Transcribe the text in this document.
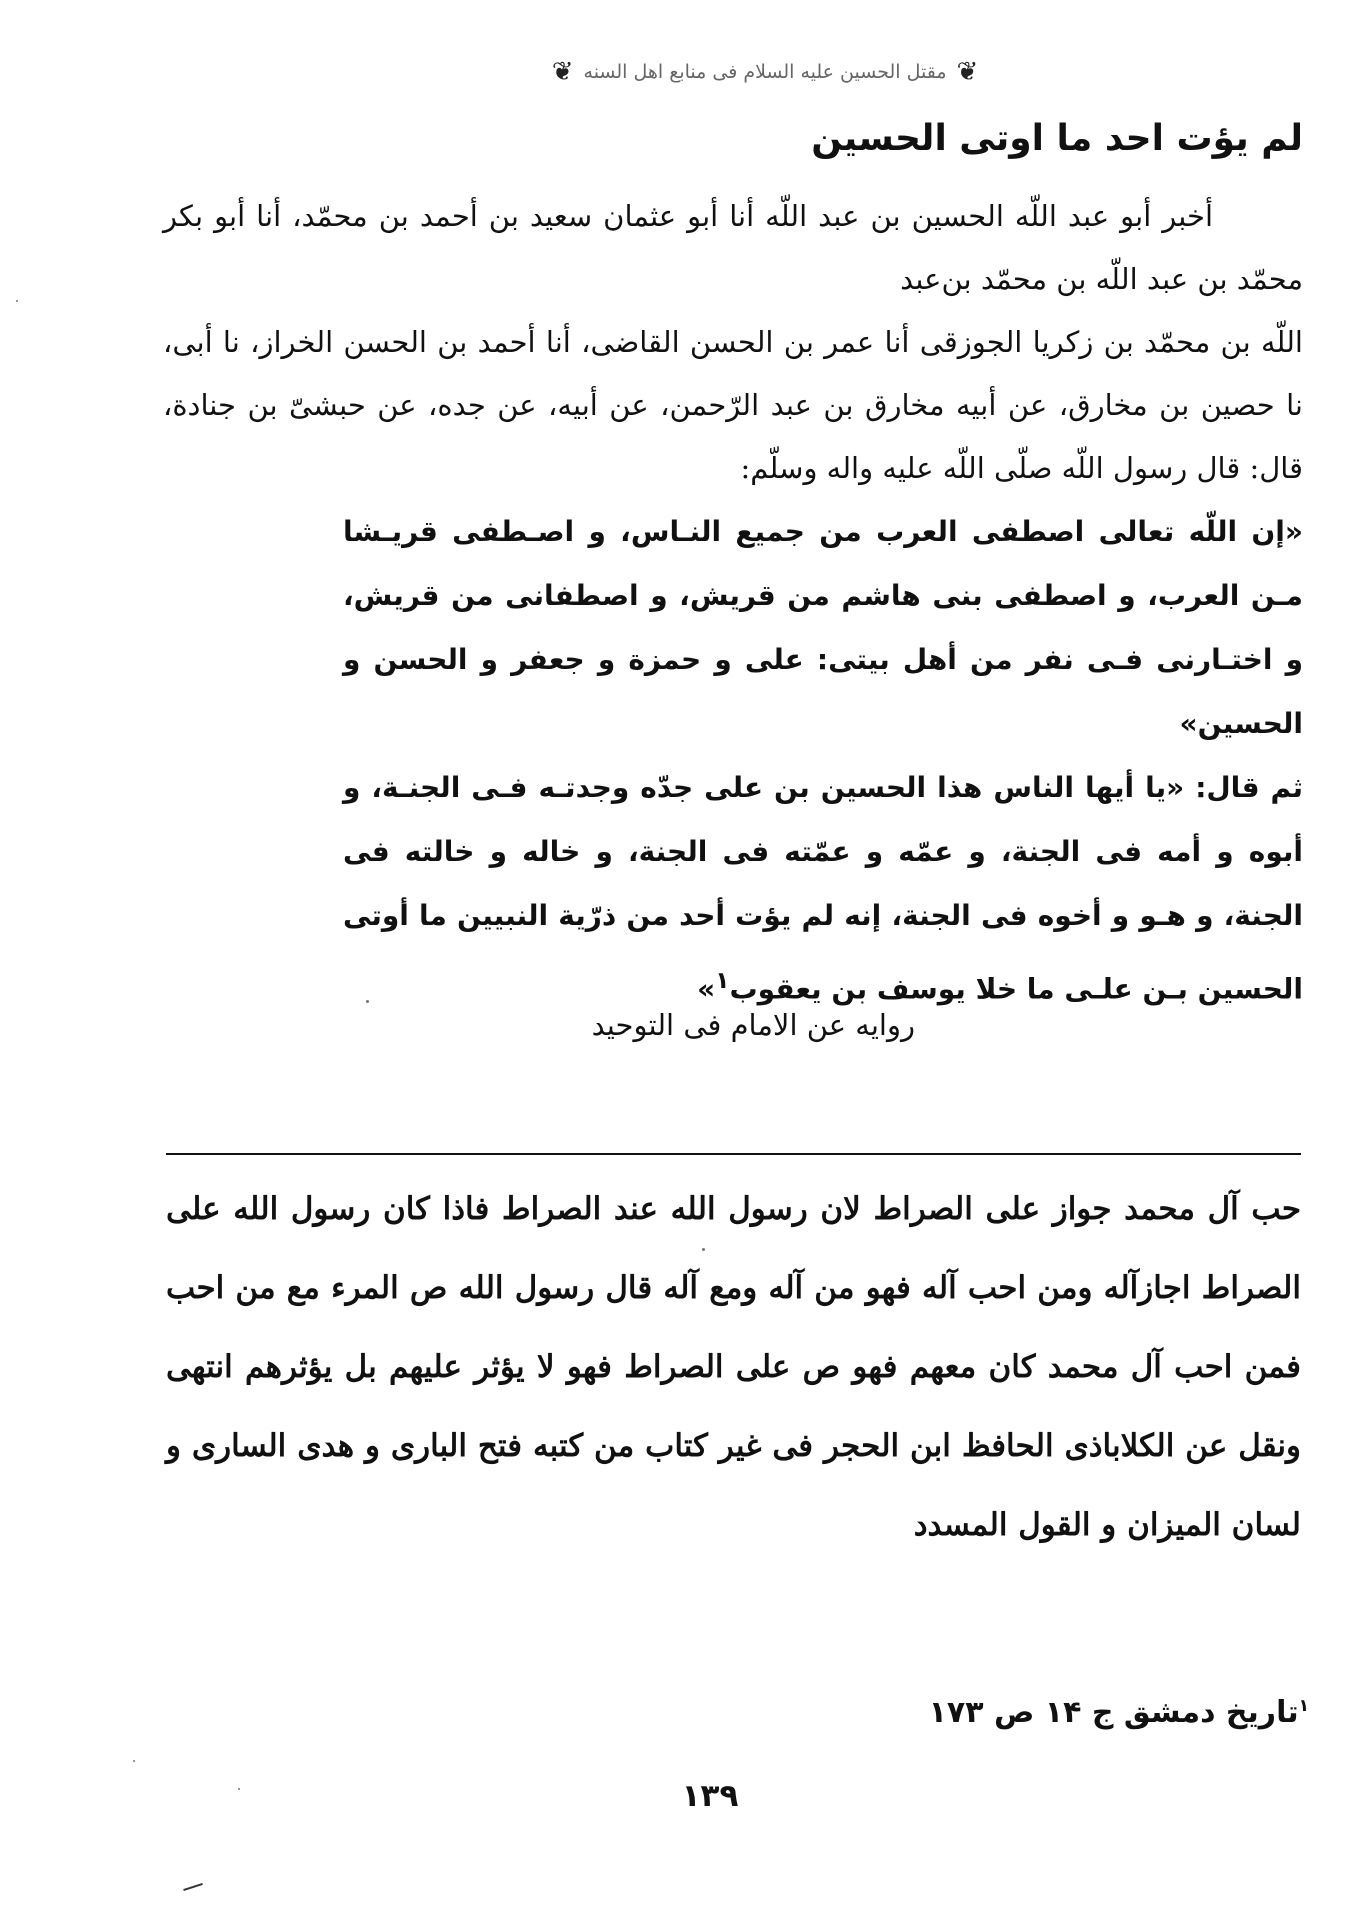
❦
مقتل الحسين عليه السلام فى منابع اهل السنه
❦
لم يؤت احد ما اوتى الحسين

أخبر أبو عبد اللّه الحسين بن عبد اللّه أنا أبو عثمان سعيد بن أحمد بن محمّد، أنا أبو بكر محمّد بن عبد اللّه بن محمّد بن‌عبد

اللّه بن محمّد بن زكريا الجوزقى أنا عمر بن الحسن القاضى، أنا أحمد بن الحسن الخراز، نا أبى، نا حصين بن مخارق، عن أبيه مخارق بن عبد الرّحمن، عن أبيه، عن جده، عن حبشىّ بن جنادة، قال: قال رسول اللّه صلّى اللّه عليه واله وسلّم:

«إن اللّه تعالى اصطفى العرب من جميع النـاس، و اصـطفى قريـشا مـن العرب، و اصطفى بنى هاشم من قريش، و اصطفانى من قريش، و اختـارنى فـى نفر من أهل بيتى: على و حمزة و جعفر و الحسن و الحسين»

ثم قال: «يا أيها الناس هذا الحسين بن على جدّه وجدتـه فـى الجنـة، و أبوه و أمه فى الجنة، و عمّه و عمّته فى الجنة، و خاله و خالته فى الجنة، و هـو و أخوه فى الجنة، إنه لم يؤت أحد من ذرّية النبيين ما أوتى الحسين بـن علـى ما خلا يوسف بن يعقوب$^١$»

روايه عن الامام فى التوحيد

حب آل محمد جواز على الصراط لان رسول الله عند الصراط فاذا كان رسول الله على الصراط اجازآله ومن احب آله فهو من آله ومع آله قال رسول الله ص المرء مع من احب فمن احب آل محمد كان معهم فهو ص على الصراط فهو لا يؤثر عليهم بل يؤثرهم انتهى ونقل عن الكلاباذى الحافظ ابن الحجر فى غير كتاب من كتبه فتح البارى و هدى السارى و لسان الميزان و القول المسدد

$^١$تاريخ دمشق ج ١۴ ص ١٧٣
١٣٩
